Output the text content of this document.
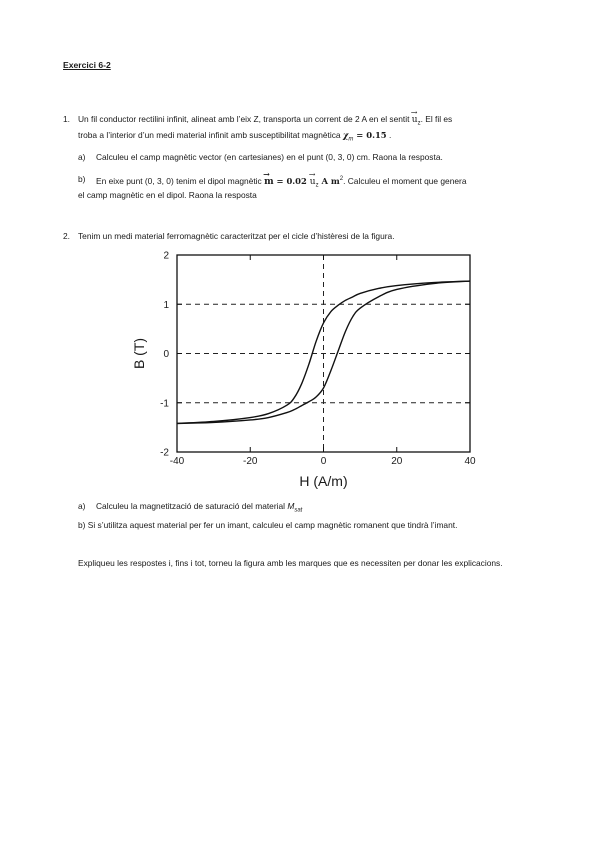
Exercici 6-2
1. Un fil conductor rectilini infinit, alineat amb l’eix Z, transporta un corrent de 2 A en el sentit → $u_z$. El fil es
troba a l’interior d’un medi material infinit amb susceptibilitat magnètica $\chi_m = 0.15$ .
a) Calculeu el camp magnètic vector (en cartesianes) en el punt (0, 3, 0) cm. Raona la resposta.
b) En eixe punt (0, 3, 0) tenim el dipol magnètic → $m = 0.02 \to u_z$ A $m^2$. Calculeu el moment que genera
el camp magnètic en el dipol. Raona la resposta
2. Tenim un medi material ferromagnètic caracteritzat per el cicle d’histèresi de la figura.
-40	-20	0	20	40
-2
-1
0
1
2
H (A/m)
B (T)
a) Calculeu la magnetització de saturació del material $M_{sat}$
b) Si s’utilitza aquest material per fer un imant, calculeu el camp magnètic romanent que tindrà l’imant.
Expliqueu les respostes i, fins i tot, torneu la figura amb les marques que es necessiten per donar les explicacions.
